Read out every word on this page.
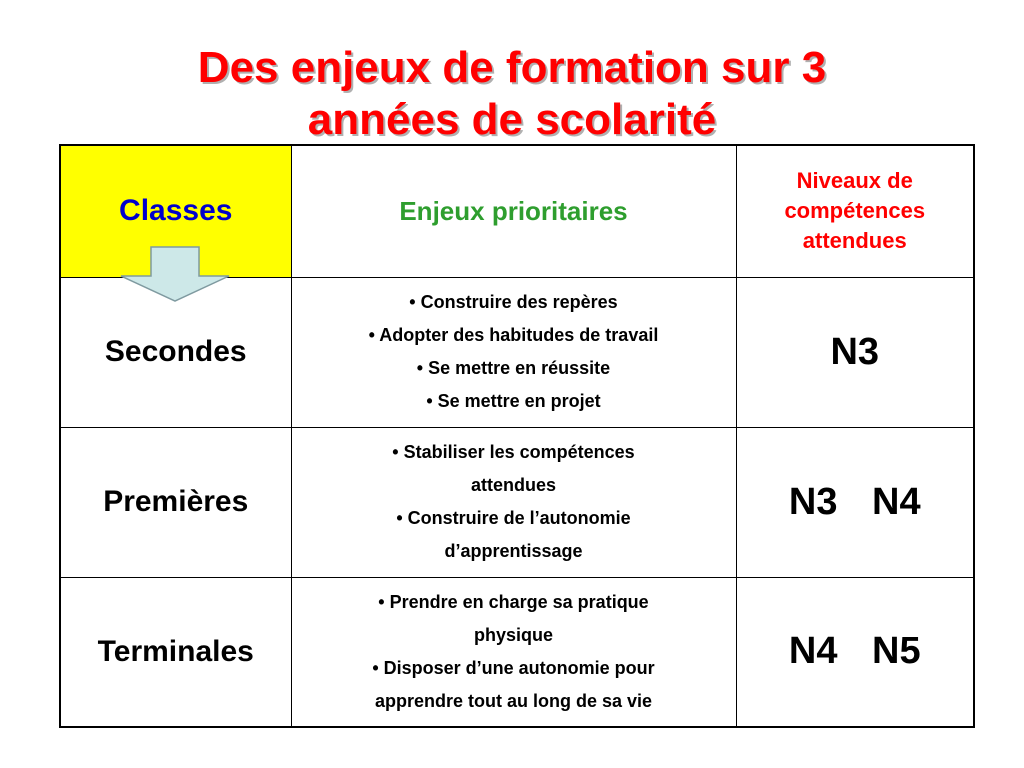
Des enjeux de formation sur 3
années de scolarité
Classes	Enjeux prioritaires	Niveaux de
compétences
attendues

Secondes	• Construire des repères
• Adopter des habitudes de travail
• Se mettre en réussite
• Se mettre en projet	N3
Premières	• Stabiliser les compétences
attendues
• Construire de l’autonomie
d’apprentissage	N3 N4
Terminales	• Prendre en charge sa pratique
physique
• Disposer d’une autonomie pour
apprendre tout au long de sa vie	N4 N5
